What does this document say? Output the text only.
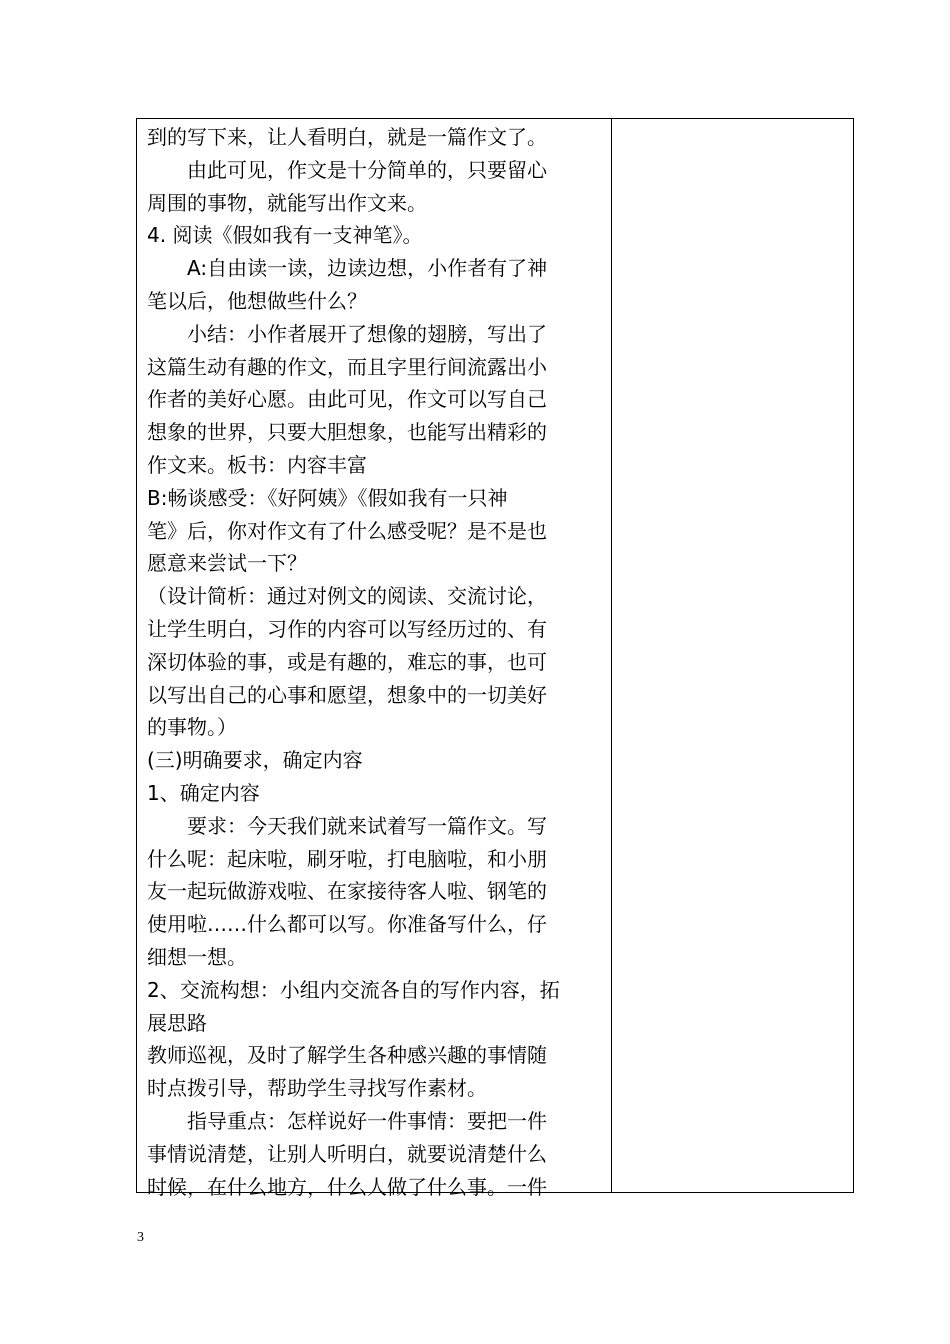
到的写下来，让人看明白，就是一篇作文了。
　　由此可见，作文是十分简单的，只要留心
周围的事物，就能写出作文来。
4. 阅读《假如我有一支神笔》。
　　A:自由读一读，边读边想，小作者有了神
笔以后，他想做些什么？
　　小结：小作者展开了想像的翅膀，写出了
这篇生动有趣的作文，而且字里行间流露出小
作者的美好心愿。由此可见，作文可以写自己
想象的世界，只要大胆想象，也能写出精彩的
作文来。板书：内容丰富
B:畅谈感受：《好阿姨》《假如我有一只神
笔》后，你对作文有了什么感受呢？是不是也
愿意来尝试一下？
（设计简析：通过对例文的阅读、交流讨论，
让学生明白，习作的内容可以写经历过的、有
深切体验的事，或是有趣的，难忘的事，也可
以写出自己的心事和愿望，想象中的一切美好
的事物。）
(三)明确要求，确定内容
1、确定内容
　　要求：今天我们就来试着写一篇作文。写
什么呢：起床啦，刷牙啦，打电脑啦，和小朋
友一起玩做游戏啦、在家接待客人啦、钢笔的
使用啦……什么都可以写。你准备写什么，仔
细想一想。
2、交流构想：小组内交流各自的写作内容，拓
展思路
教师巡视，及时了解学生各种感兴趣的事情随
时点拨引导，帮助学生寻找写作素材。
　　指导重点：怎样说好一件事情：要把一件
事情说清楚，让别人听明白，就要说清楚什么
时候，在什么地方，什么人做了什么事。一件
3
